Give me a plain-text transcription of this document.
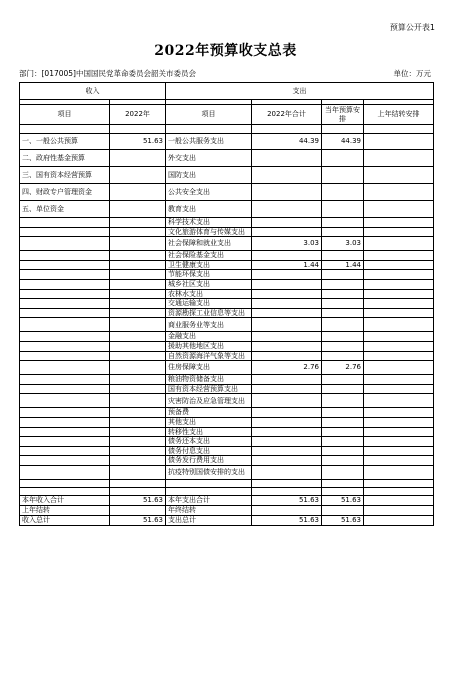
预算公开表1
2022年预算收支总表
部门：[017005]中国国民党革命委员会韶关市委员会	单位：万元
收入		支出			

项目	2022年	项目	2022年合计	当年预算安排	上年结转安排

一、一般公共预算	51.63	一般公共服务支出	44.39	44.39	
二、政府性基金预算		外交支出			
三、国有资本经营预算		国防支出			
四、财政专户管理资金		公共安全支出			
五、单位资金		教育支出			
		科学技术支出			
		文化旅游体育与传媒支出			
		社会保障和就业支出	3.03	3.03	
		社会保险基金支出			
		卫生健康支出	1.44	1.44	
		节能环保支出			
		城乡社区支出			
		农林水支出			
		交通运输支出			
		资源勘探工业信息等支出			
		商业服务业等支出			
		金融支出			
		援助其他地区支出			
		自然资源海洋气象等支出			
		住房保障支出	2.76	2.76	
		粮油物资储备支出			
		国有资本经营预算支出			
		灾害防治及应急管理支出			
		预备费			
		其他支出			
		转移性支出			
		债务还本支出			
		债务付息支出			
		债务发行费用支出			
		抗疫特别国债安排的支出			

本年收入合计	51.63	本年支出合计	51.63	51.63	
上年结转		年终结转			
收入总计	51.63	支出总计	51.63	51.63	
